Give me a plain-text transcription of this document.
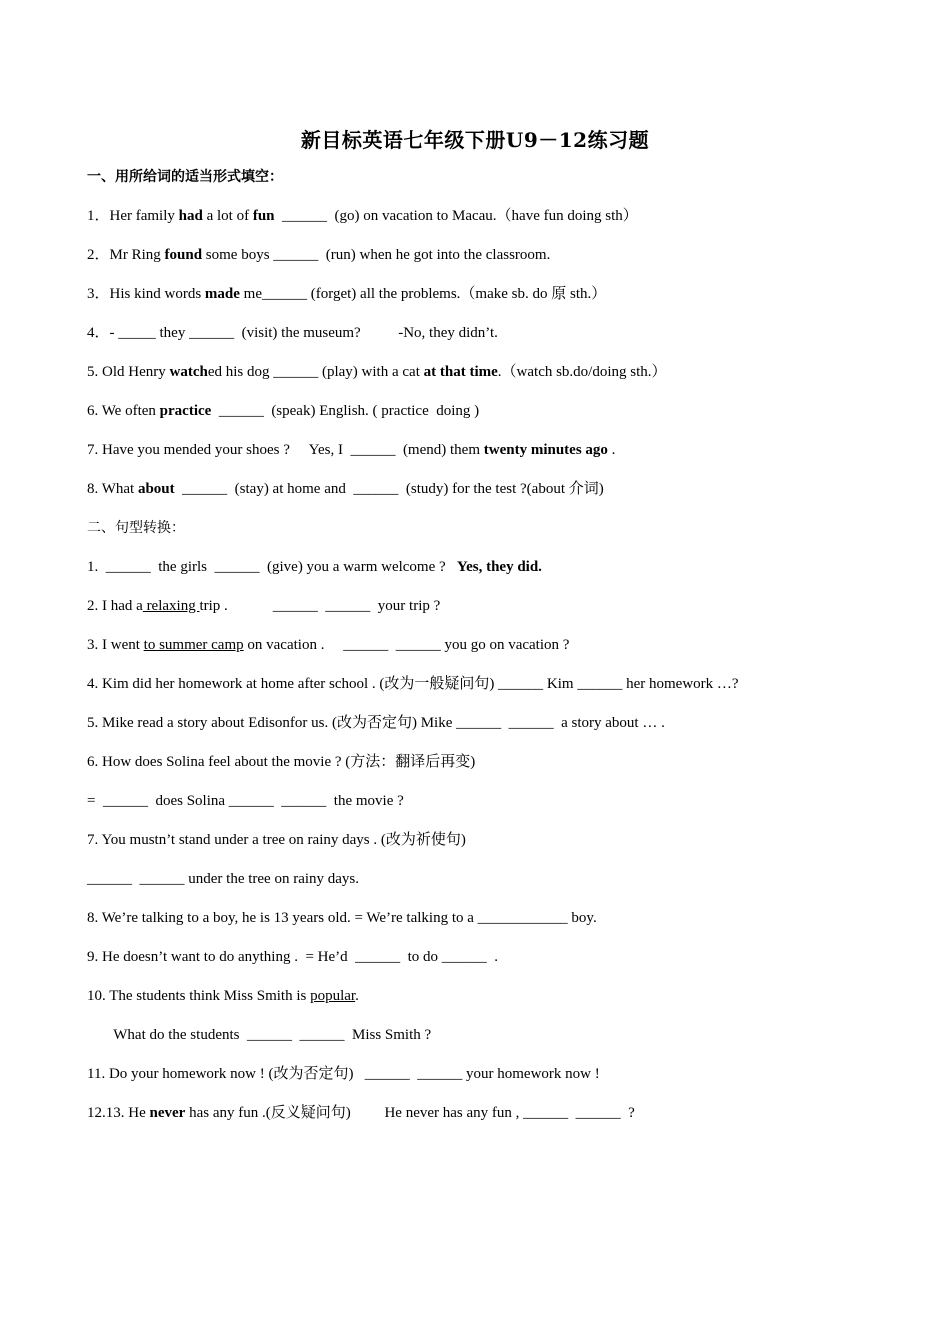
新目标英语七年级下册U9－12练习题
一、用所给词的适当形式填空：
1．Her family had a lot of fun  ______  (go) on vacation to Macau.（have fun doing sth）
2．Mr Ring found some boys ______  (run) when he got into the classroom.
3．His kind words made me______ (forget) all the problems.（make sb. do 原 sth.）
4．- _____ they ______  (visit) the museum?          -No, they didn’t.
5. Old Henry watched his dog ______ (play) with a cat at that time.（watch sb.do/doing sth.）
6. We often practice  ______  (speak) English. ( practice  doing )
7. Have you mended your shoes ?     Yes, I  ______  (mend) them twenty minutes ago .
8. What about  ______  (stay) at home and  ______  (study) for the test ?(about 介词)
二、句型转换：
1.  ______  the girls  ______  (give) you a warm welcome ?   Yes, they did.
2. I had a relaxing trip .            ______  ______  your trip ?
3. I went to summer camp on vacation .     ______  ______ you go on vacation ?
4. Kim did her homework at home after school . (改为一般疑问句) ______ Kim ______ her homework …?
5. Mike read a story about Edisonfor us. (改为否定句) Mike ______  ______  a story about … .
6. How does Solina feel about the movie ? (方法：翻译后再变)
=  ______  does Solina ______  ______  the movie ?
7. You mustn’t stand under a tree on rainy days . (改为祈使句)
______  ______ under the tree on rainy days.
8. We’re talking to a boy, he is 13 years old. = We’re talking to a ____________ boy.
9. He doesn’t want to do anything .  = He’d  ______  to do ______  .
10. The students think Miss Smith is popular.
What do the students  ______  ______  Miss Smith ?
11. Do your homework now ! (改为否定句)   ______  ______ your homework now !
12.13. He never has any fun .(反义疑问句)         He never has any fun , ______  ______  ?
